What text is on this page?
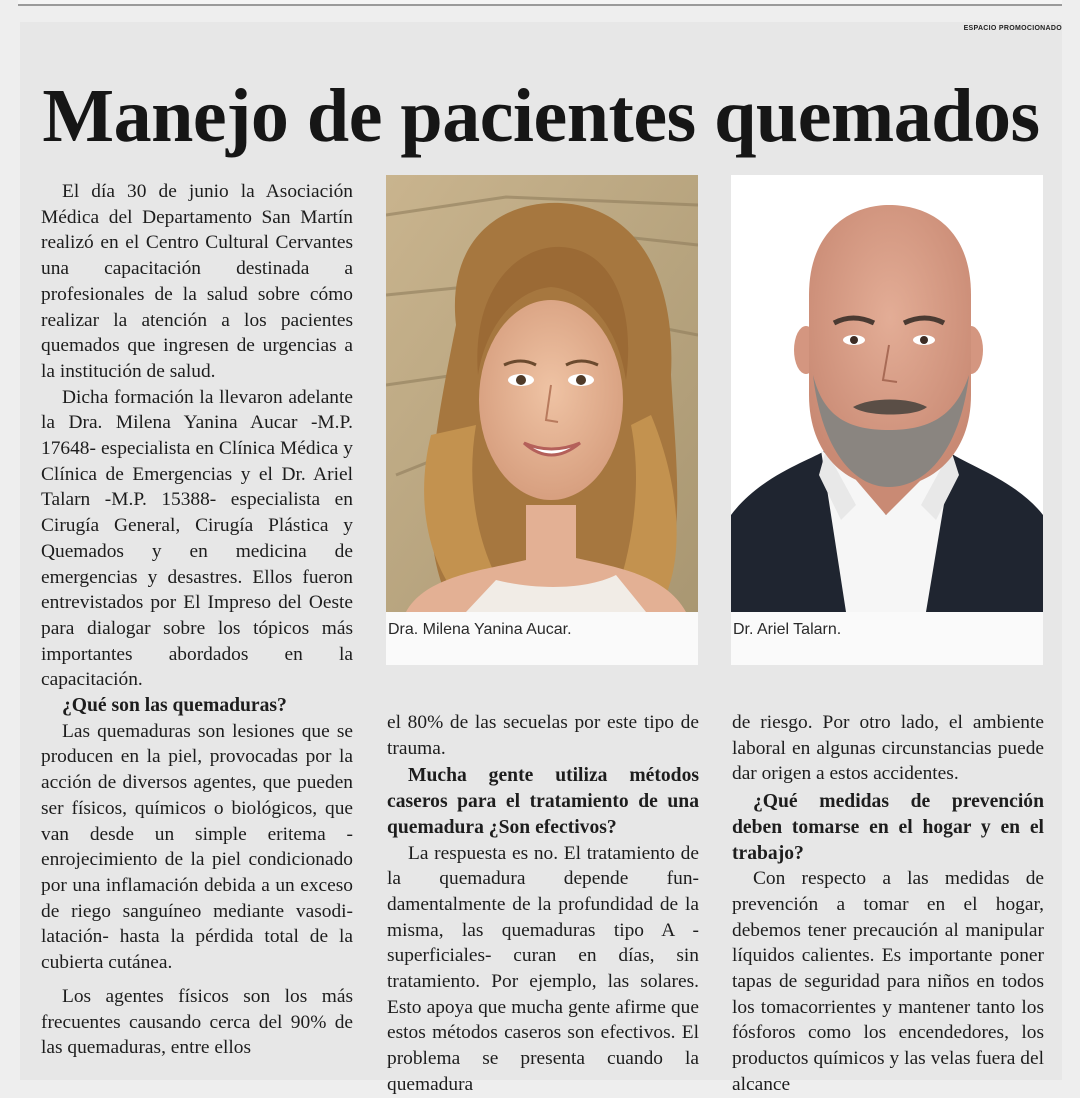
ESPACIO PROMOCIONADO
Manejo de pacientes quemados

El día 30 de junio la Asociación Médica del Departamento San Martín realizó en el Centro Cultural Cervantes una capacitación destinada a profesionales de la salud sobre cómo realizar la atención a los pacientes quemados que ingresen de urgencias a la institución de salud.

Dicha formación la llevaron adelante la Dra. Milena Yanina Aucar -M.P. 17648- especialista en Clínica Médica y Clínica de Emergencias y el Dr. Ariel Talarn -M.P. 15388- especialista en Cirugía General, Cirugía Plástica y Quemados y en medicina de emergencias y desastres. Ellos fueron entrevistados por El Impreso del Oeste para dialogar sobre los tópicos más importantes abordados en la capacitación.

¿Qué son las quemaduras?

Las quemaduras son lesiones que se producen en la piel, provocadas por la acción de diversos agentes, que pueden ser físicos, químicos o biológicos, que van desde un simple eritema -enrojecimiento de la piel condicionado por una inflamación debida a un exceso de riego sanguíneo mediante vasodilatación- hasta la pérdida total de la cubierta cutánea.

Los agentes físicos son los más frecuentes causando cerca del 90% de las quemaduras, entre ellos

Dra. Milena Yanina Aucar.	Dr. Ariel Talarn.

el 80% de las secuelas por este tipo de trauma.

Mucha gente utiliza métodos caseros para el tratamiento de una quemadura ¿Son efectivos?

La respuesta es no. El tratamiento de la quemadura depende fundamentalmente de la profundidad de la misma, las quemaduras tipo A -superficiales- curan en días, sin tratamiento. Por ejemplo, las solares. Esto apoya que mucha gente afirme que estos métodos caseros son efectivos. El problema se presenta cuando la quemadura

de riesgo. Por otro lado, el ambiente laboral en algunas circunstancias puede dar origen a estos accidentes.

¿Qué medidas de prevención deben tomarse en el hogar y en el trabajo?

Con respecto a las medidas de prevención a tomar en el hogar, debemos tener precaución al manipular líquidos calientes. Es importante poner tapas de seguridad para niños en todos los tomacorrientes y mantener tanto los fósforos como los encendedores, los productos químicos y las velas fuera del alcance
